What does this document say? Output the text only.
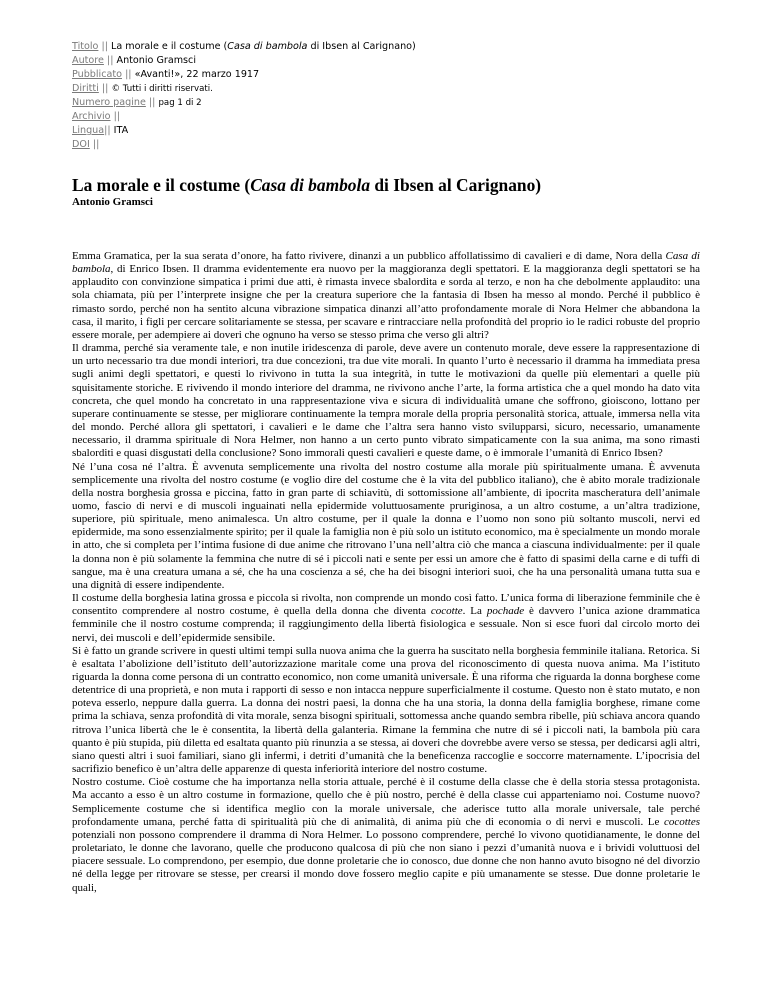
Titolo || La morale e il costume (Casa di bambola di Ibsen al Carignano)
Autore || Antonio Gramsci
Pubblicato || «Avanti!», 22 marzo 1917
Diritti || © Tutti i diritti riservati.
Numero pagine || pag 1 di 2
Archivio ||
Lingua|| ITA
DOI ||
La morale e il costume (Casa di bambola di Ibsen al Carignano)
Antonio Gramsci

Emma Gramatica, per la sua serata d’onore, ha fatto rivivere, dinanzi a un pubblico affollatissimo di cavalieri e di dame, Nora della Casa di bambola, di Enrico Ibsen. Il dramma evidentemente era nuovo per la maggioranza degli spettatori. E la maggioranza degli spettatori se ha applaudito con convinzione simpatica i primi due atti, è rimasta invece sbalordita e sorda al terzo, e non ha che debolmente applaudito: una sola chiamata, più per l’interprete insigne che per la creatura superiore che la fantasia di Ibsen ha messo al mondo. Perché il pubblico è rimasto sordo, perché non ha sentito alcuna vibrazione simpatica dinanzi all’atto profondamente morale di Nora Helmer che abbandona la casa, il marito, i figli per cercare solitariamente se stessa, per scavare e rintracciare nella profondità del proprio io le radici robuste del proprio essere morale, per adempiere ai doveri che ognuno ha verso se stesso prima che verso gli altri?

Il dramma, perché sia veramente tale, e non inutile iridescenza di parole, deve avere un contenuto morale, deve essere la rappresentazione di un urto necessario tra due mondi interiori, tra due concezioni, tra due vite morali. In quanto l’urto è necessario il dramma ha immediata presa sugli animi degli spettatori, e questi lo rivivono in tutta la sua integrità, in tutte le motivazioni da quelle più elementari a quelle più squisitamente storiche. E rivivendo il mondo interiore del dramma, ne rivivono anche l’arte, la forma artistica che a quel mondo ha dato vita concreta, che quel mondo ha concretato in una rappresentazione viva e sicura di individualità umane che soffrono, gioiscono, lottano per superare continuamente se stesse, per migliorare continuamente la tempra morale della propria personalità storica, attuale, immersa nella vita del mondo. Perché allora gli spettatori, i cavalieri e le dame che l’altra sera hanno visto svilupparsi, sicuro, necessario, umanamente necessario, il dramma spirituale di Nora Helmer, non hanno a un certo punto vibrato simpaticamente con la sua anima, ma sono rimasti sbalorditi e quasi disgustati della conclusione? Sono immorali questi cavalieri e queste dame, o è immorale l’umanità di Enrico Ibsen?

Né l’una cosa né l’altra. È avvenuta semplicemente una rivolta del nostro costume alla morale più spiritualmente umana. È avvenuta semplicemente una rivolta del nostro costume (e voglio dire del costume che è la vita del pubblico italiano), che è abito morale tradizionale della nostra borghesia grossa e piccina, fatto in gran parte di schiavitù, di sottomissione all’ambiente, di ipocrita mascheratura dell’animale uomo, fascio di nervi e di muscoli inguainati nella epidermide voluttuosamente pruriginosa, a un altro costume, a un’altra tradizione, superiore, più spirituale, meno animalesca. Un altro costume, per il quale la donna e l’uomo non sono più soltanto muscoli, nervi ed epidermide, ma sono essenzialmente spirito; per il quale la famiglia non è più solo un istituto economico, ma è specialmente un mondo morale in atto, che si completa per l’intima fusione di due anime che ritrovano l’una nell’altra ciò che manca a ciascuna individualmente: per il quale la donna non è più solamente la femmina che nutre di sé i piccoli nati e sente per essi un amore che è fatto di spasimi della carne e di tuffi di sangue, ma è una creatura umana a sé, che ha una coscienza a sé, che ha dei bisogni interiori suoi, che ha una personalità umana tutta sua e una dignità di essere indipendente.

Il costume della borghesia latina grossa e piccola si rivolta, non comprende un mondo così fatto. L’unica forma di liberazione femminile che è consentito comprendere al nostro costume, è quella della donna che diventa cocotte. La pochade è davvero l’unica azione drammatica femminile che il nostro costume comprenda; il raggiungimento della libertà fisiologica e sessuale. Non si esce fuori dal circolo morto dei nervi, dei muscoli e dell’epidermide sensibile.

Si è fatto un grande scrivere in questi ultimi tempi sulla nuova anima che la guerra ha suscitato nella borghesia femminile italiana. Retorica. Si è esaltata l’abolizione dell’istituto dell’autorizzazione maritale come una prova del riconoscimento di questa nuova anima. Ma l’istituto riguarda la donna come persona di un contratto economico, non come umanità universale. È una riforma che riguarda la donna borghese come detentrice di una proprietà, e non muta i rapporti di sesso e non intacca neppure superficialmente il costume. Questo non è stato mutato, e non poteva esserlo, neppure dalla guerra. La donna dei nostri paesi, la donna che ha una storia, la donna della famiglia borghese, rimane come prima la schiava, senza profondità di vita morale, senza bisogni spirituali, sottomessa anche quando sembra ribelle, più schiava ancora quando ritrova l’unica libertà che le è consentita, la libertà della galanteria. Rimane la femmina che nutre di sé i piccoli nati, la bambola più cara quanto è più stupida, più diletta ed esaltata quanto più rinunzia a se stessa, ai doveri che dovrebbe avere verso se stessa, per dedicarsi agli altri, siano questi altri i suoi familiari, siano gli infermi, i detriti d’umanità che la beneficenza raccoglie e soccorre maternamente. L’ipocrisia del sacrifizio benefico è un’altra delle apparenze di questa inferiorità interiore del nostro costume.

Nostro costume. Cioè costume che ha importanza nella storia attuale, perché è il costume della classe che è della storia stessa protagonista. Ma accanto a esso è un altro costume in formazione, quello che è più nostro, perché è della classe cui apparteniamo noi. Costume nuovo? Semplicemente costume che si identifica meglio con la morale universale, che aderisce tutto alla morale universale, tale perché profondamente umana, perché fatta di spiritualità più che di animalità, di anima più che di economia o di nervi e muscoli. Le cocottes potenziali non possono comprendere il dramma di Nora Helmer. Lo possono comprendere, perché lo vivono quotidianamente, le donne del proletariato, le donne che lavorano, quelle che producono qualcosa di più che non siano i pezzi d’umanità nuova e i brividi voluttuosi del piacere sessuale. Lo comprendono, per esempio, due donne proletarie che io conosco, due donne che non hanno avuto bisogno né del divorzio né della legge per ritrovare se stesse, per crearsi il mondo dove fossero meglio capite e più umanamente se stesse. Due donne proletarie le quali,
